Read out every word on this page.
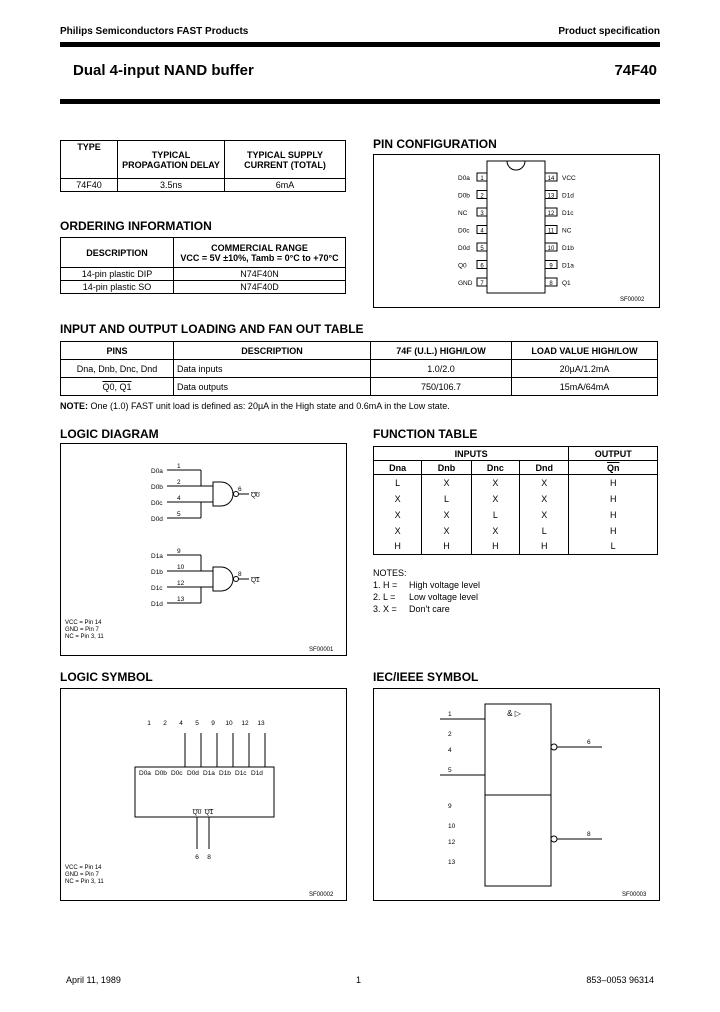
Philips Semiconductors FAST Products	Product specification
Dual 4-input NAND buffer	74F40
TYPE	TYPICAL PROPAGATION DELAY	TYPICAL SUPPLY CURRENT (TOTAL)
74F40	3.5ns	6mA
ORDERING INFORMATION
DESCRIPTION	COMMERCIAL RANGE
VCC = 5V ±10%, Tamb = 0°C to +70°C

14-pin plastic DIP	N74F40N
14-pin plastic SO	N74F40D
PIN CONFIGURATION
D0a 1
D0b 2
NC 3
D0c 4
D0d 5
Q0 6
GND 7
14 VCC
13 D1d
12 D1c
11 NC
10 D1b
9 D1a
8 Q1
SF00002
INPUT AND OUTPUT LOADING AND FAN OUT TABLE
PINS	DESCRIPTION	74F (U.L.) HIGH/LOW	LOAD VALUE HIGH/LOW
Dna, Dnb, Dnc, Dnd	Data inputs	1.0/2.0	20µA/1.2mA
Q0, Q1	Data outputs	750/106.7	15mA/64mA
NOTE: One (1.0) FAST unit load is defined as: 20µA in the High state and 0.6mA in the Low state.
LOGIC DIAGRAM
D0a
1
D0b
2
D0c
4
D0d
5
6
Q0
D1a
9
D1b
10
D1c
12
D1d
13
8
Q1
VCC = Pin 14
GND = Pin 7
NC = Pin 3, 11
SF00001
FUNCTION TABLE
INPUTS				OUTPUT
Dna	Dnb	Dnc	Dnd	$\overline{Qn}$
L	X	X	X	H
X	L	X	X	H
X	X	L	X	H
X	X	X	L	H
H	H	H	H	L
NOTES:
1. H = High voltage level
2. L = Low voltage level
3. X = Don't care
LOGIC SYMBOL
1
D0a
2
D0b
4
D0c
5
D0d
9
D1a
10
D1b
12
D1c
13
D1d
Q0
6
Q1
8
VCC = Pin 14
GND = Pin 7
NC = Pin 3, 11
SF00002
IEC/IEEE SYMBOL
& ▷
1
2
4
5
9
10
12
13
6
8
SF00003
April 11, 1989	1	853–0053 96314
